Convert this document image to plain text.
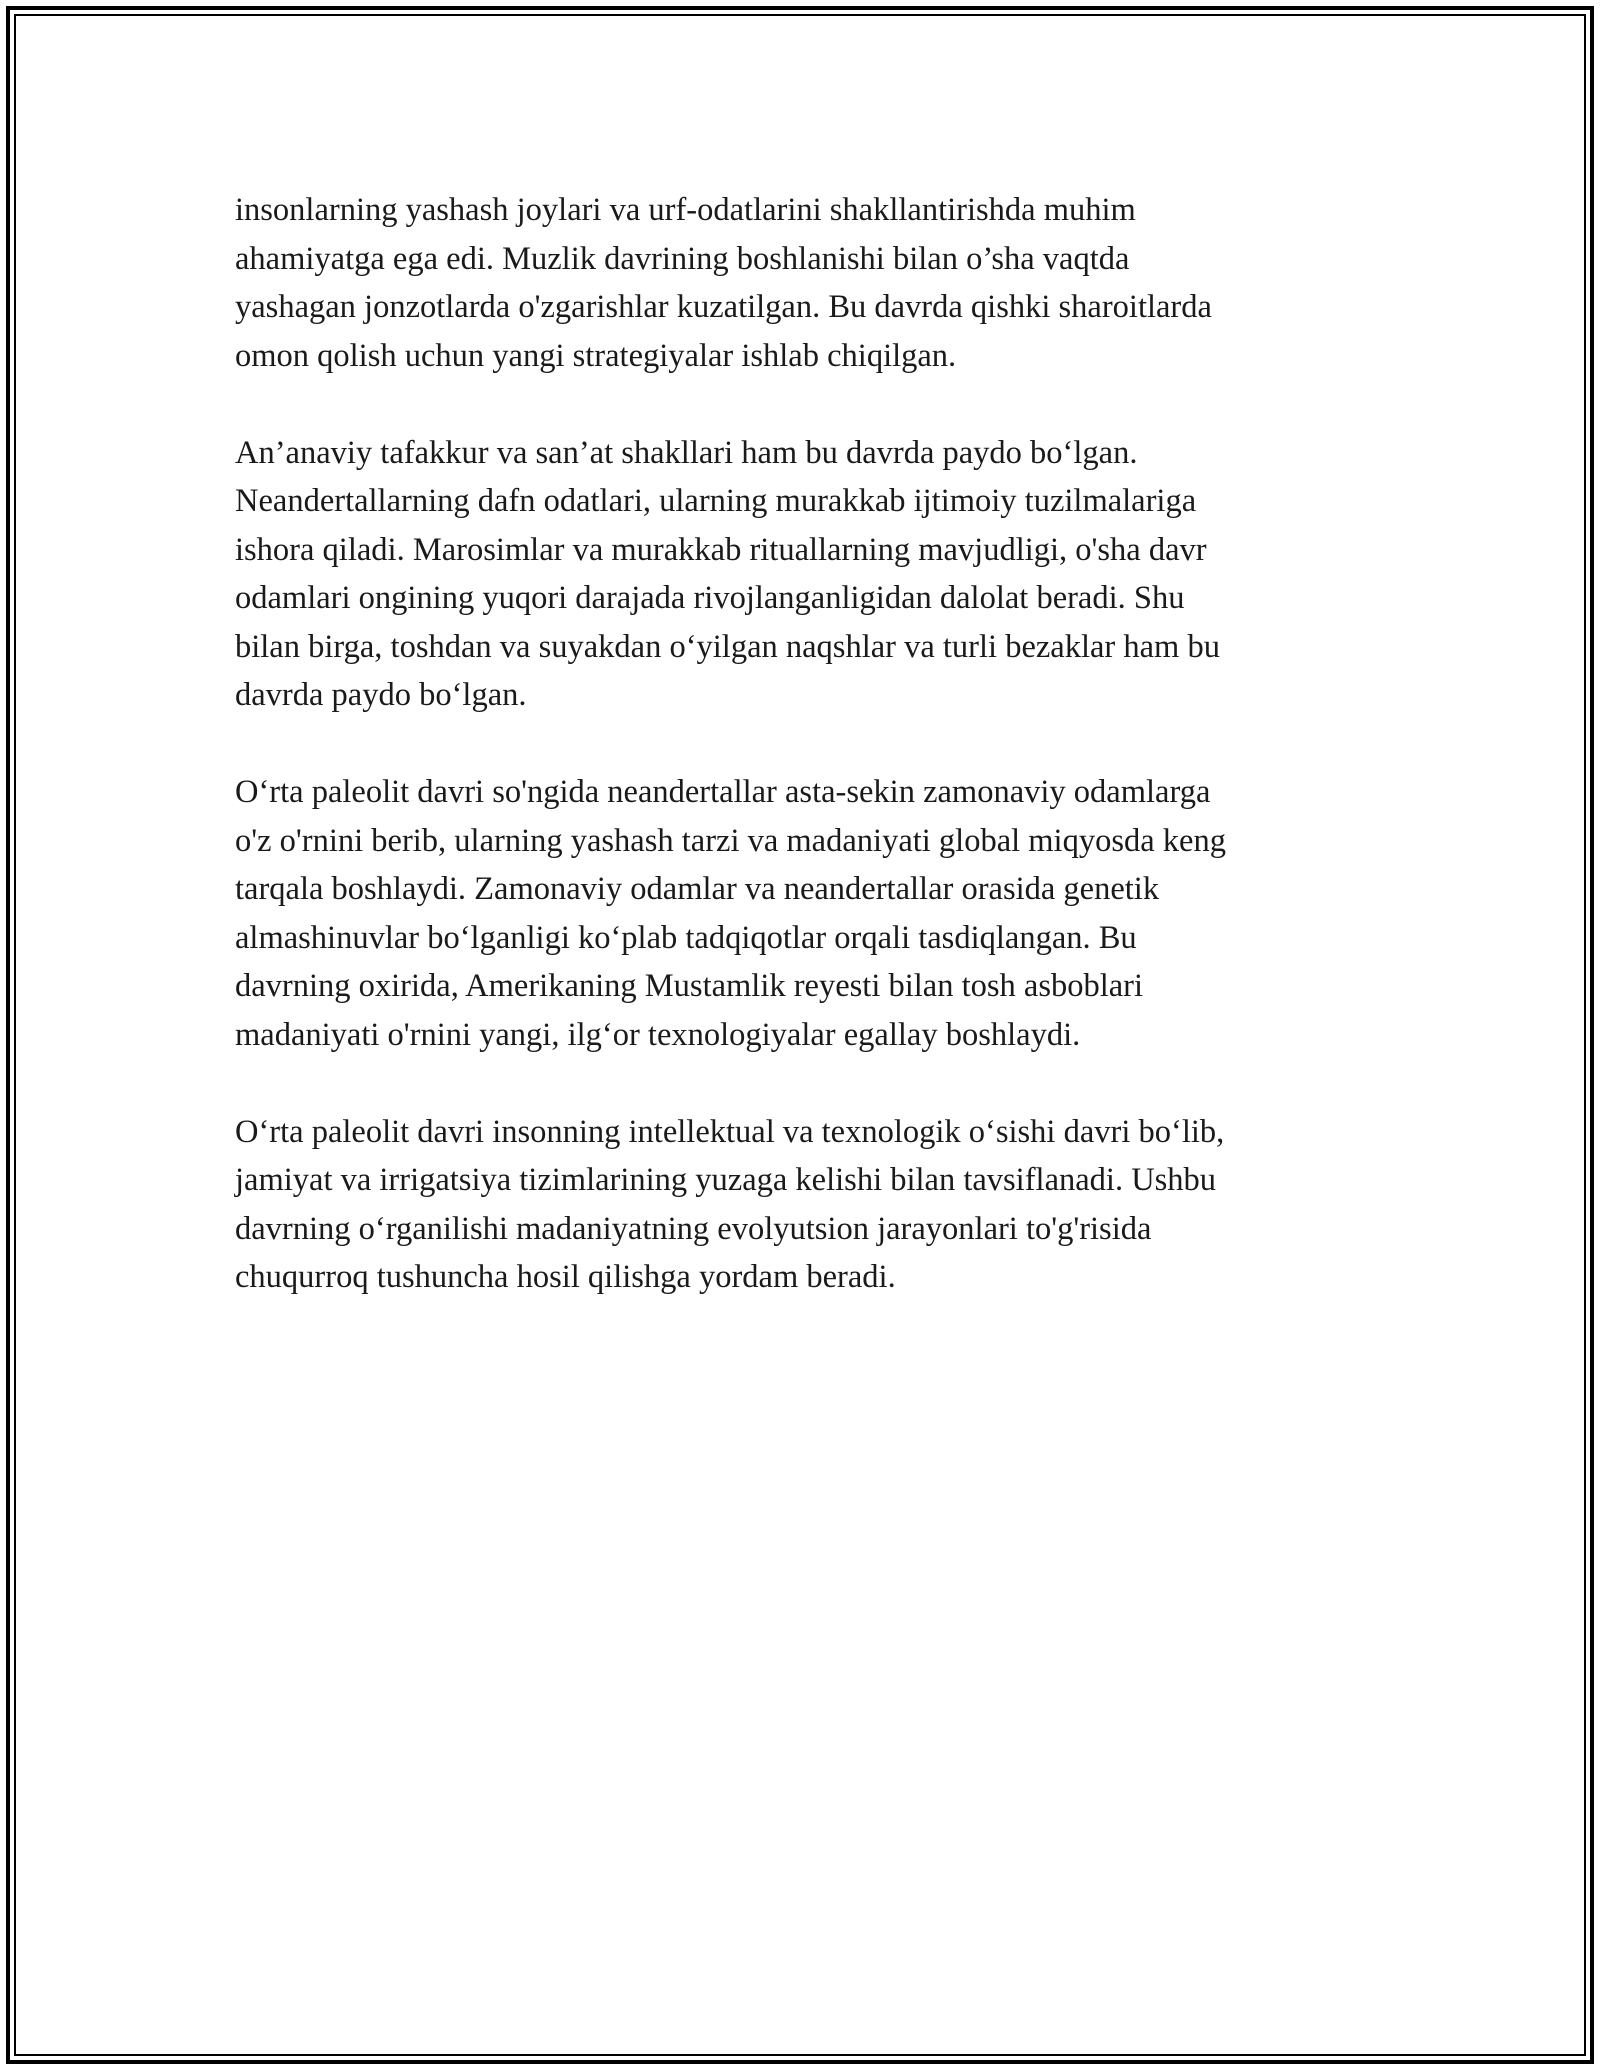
insonlarning yashash joylari va urf-odatlarini shakllantirishda muhim
ahamiyatga ega edi. Muzlik davrining boshlanishi bilan o’sha vaqtda
yashagan jonzotlarda o'zgarishlar kuzatilgan. Bu davrda qishki sharoitlarda
omon qolish uchun yangi strategiyalar ishlab chiqilgan.

An’anaviy tafakkur va san’at shakllari ham bu davrda paydo boʻlgan.
Neandertallarning dafn odatlari, ularning murakkab ijtimoiy tuzilmalariga
ishora qiladi. Marosimlar va murakkab rituallarning mavjudligi, o'sha davr
odamlari ongining yuqori darajada rivojlanganligidan dalolat beradi. Shu
bilan birga, toshdan va suyakdan oʻyilgan naqshlar va turli bezaklar ham bu
davrda paydo boʻlgan.

Oʻrta paleolit davri so'ngida neandertallar asta-sekin zamonaviy odamlarga
o'z o'rnini berib, ularning yashash tarzi va madaniyati global miqyosda keng
tarqala boshlaydi. Zamonaviy odamlar va neandertallar orasida genetik
almashinuvlar boʻlganligi koʻplab tadqiqotlar orqali tasdiqlangan. Bu
davrning oxirida, Amerikaning Mustamlik reyesti bilan tosh asboblari
madaniyati o'rnini yangi, ilgʻor texnologiyalar egallay boshlaydi.

Oʻrta paleolit davri insonning intellektual va texnologik oʻsishi davri boʻlib,
jamiyat va irrigatsiya tizimlarining yuzaga kelishi bilan tavsiflanadi. Ushbu
davrning oʻrganilishi madaniyatning evolyutsion jarayonlari to'g'risida
chuqurroq tushuncha hosil qilishga yordam beradi.
